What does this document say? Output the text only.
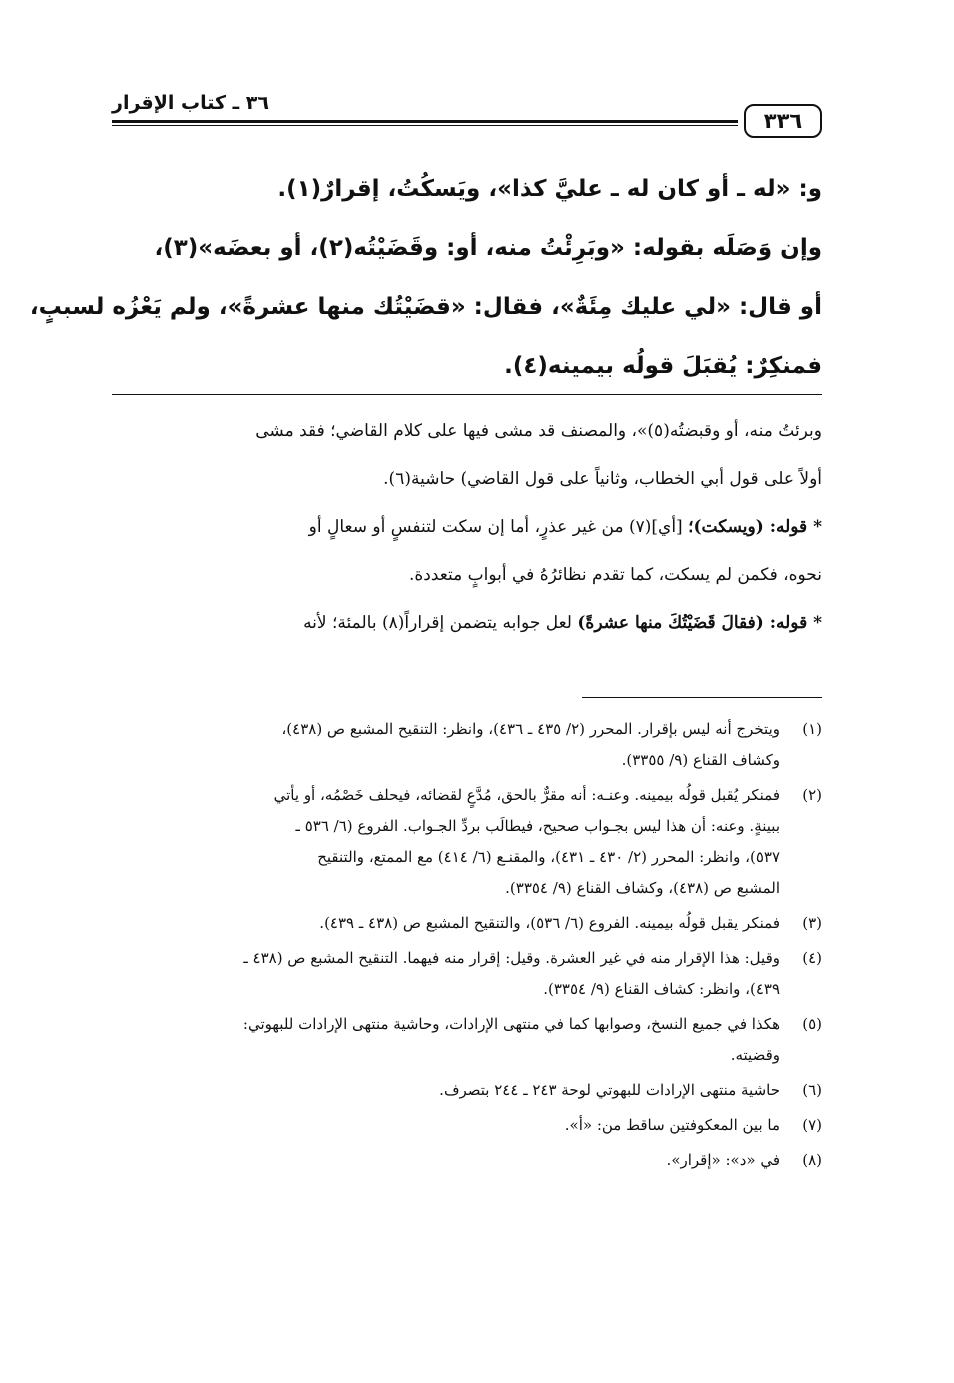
٣٣٦
٣٦ ـ كتاب الإقرار

و: «له ـ أو كان له ـ عليَّ كذا»، ويَسكُتُ، إقرارٌ(١).

وإن وَصَلَه بقوله: «وبَرِئْتُ منه، أو: وقَضَيْتُه(٢)، أو بعضَه»(٣)،

أو قال: «لي عليك مِئَةٌ»، فقال: «قضَيْتُك منها عشرةً»، ولم يَعْزُه لسببٍ،

فمنكِرٌ: يُقبَلَ قولُه بيمينه(٤).

وبرئتُ منه، أو وقبضتُه(٥)»، والمصنف قد مشى فيها على كلام القاضي؛ فقد مشى

أولاً على قول أبي الخطاب، وثانياً على قول القاضي) حاشية(٦).

* قوله: (ويسكت)؛ [أي](٧) من غير عذرٍ، أما إن سكت لتنفسٍ أو سعالٍ أو

نحوه، فكمن لم يسكت، كما تقدم نظائرُهُ في أبوابٍ متعددة.

* قوله: (فقالَ قَضَيْتُكَ منها عشرةً) لعل جوابه يتضمن إقراراً(٨) بالمئة؛ لأنه

(١)
ويتخرج أنه ليس بإقرار. المحرر (٢/ ٤٣٥ ـ ٤٣٦)، وانظر: التنقيح المشبع ص (٤٣٨)،
وكشاف القناع (٩/ ٣٣٥٥).
(٢)
فمنكر يُقبل قولُه بيمينه. وعنـه: أنه مقرٌّ بالحق، مُدَّعٍ لقضائه، فيحلف خَصْمُه، أو يأتي
ببينةٍ. وعنه: أن هذا ليس بجـواب صحيح، فيطالَب بردِّ الجـواب. الفروع (٦/ ٥٣٦ ـ
٥٣٧)، وانظر: المحرر (٢/ ٤٣٠ ـ ٤٣١)، والمقنـع (٦/ ٤١٤) مع الممتع، والتنقيح
المشبع ص (٤٣٨)، وكشاف القناع (٩/ ٣٣٥٤).
(٣)
فمنكر يقبل قولُه بيمينه. الفروع (٦/ ٥٣٦)، والتنقيح المشبع ص (٤٣٨ ـ ٤٣٩).
(٤)
وقيل: هذا الإقرار منه في غير العشرة. وقيل: إقرار منه فيهما. التنقيح المشبع ص (٤٣٨ ـ
٤٣٩)، وانظر: كشاف القناع (٩/ ٣٣٥٤).
(٥)
هكذا في جميع النسخ، وصوابها كما في منتهى الإرادات، وحاشية منتهى الإرادات للبهوتي:
وقضيته.
(٦)
حاشية منتهى الإرادات للبهوتي لوحة ٢٤٣ ـ ٢٤٤ بتصرف.
(٧)
ما بين المعكوفتين ساقط من: «أ».
(٨)
في «د»: «إقرار».
